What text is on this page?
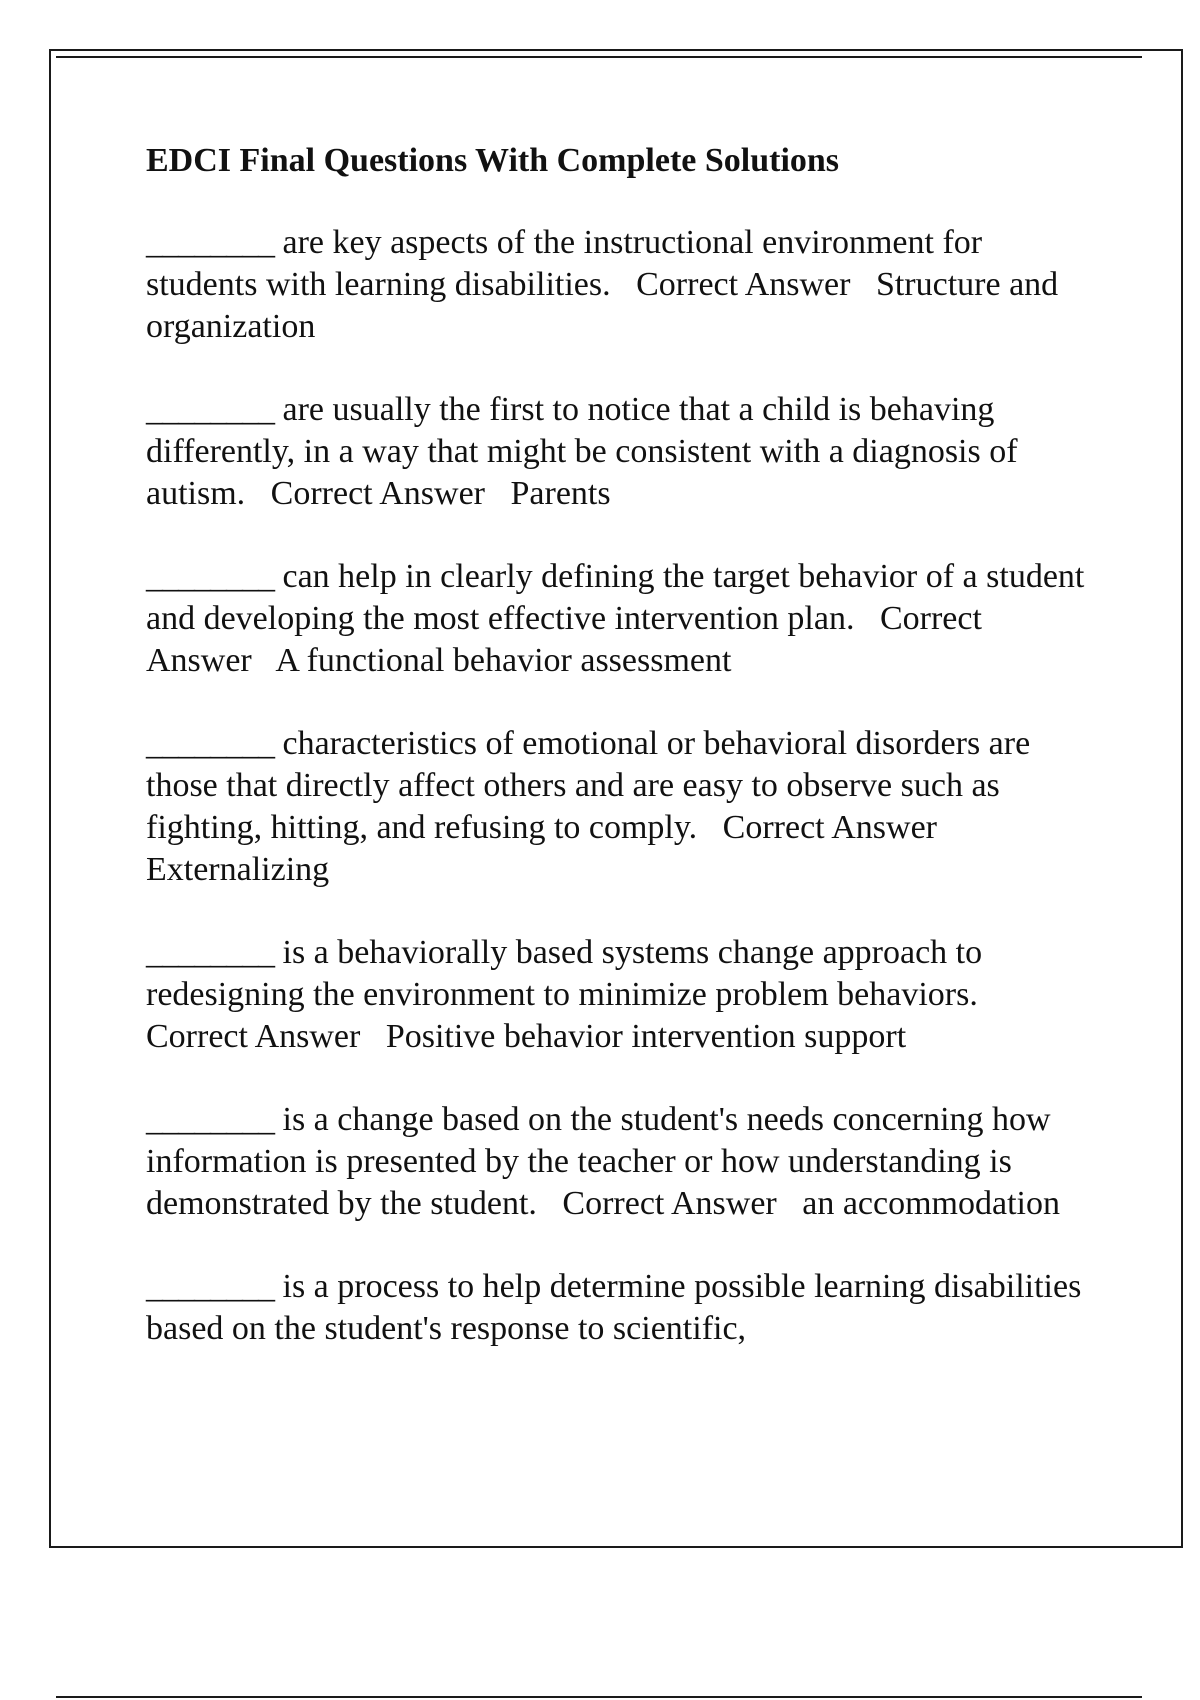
EDCI Final Questions With Complete Solutions

________ are key aspects of the instructional environment for students with learning disabilities. Correct Answer Structure and organization

________ are usually the first to notice that a child is behaving differently, in a way that might be consistent with a diagnosis of autism. Correct Answer Parents

________ can help in clearly defining the target behavior of a student and developing the most effective intervention plan. Correct Answer A functional behavior assessment

________ characteristics of emotional or behavioral disorders are those that directly affect others and are easy to observe such as fighting, hitting, and refusing to comply. Correct Answer   Externalizing

________ is a behaviorally based systems change approach to redesigning the environment to minimize problem behaviors.   Correct Answer Positive behavior intervention support

________ is a change based on the student's needs concerning how information is presented by the teacher or how understanding is demonstrated by the student. Correct Answer an accommodation

________ is a process to help determine possible learning disabilities based on the student's response to scientific,
